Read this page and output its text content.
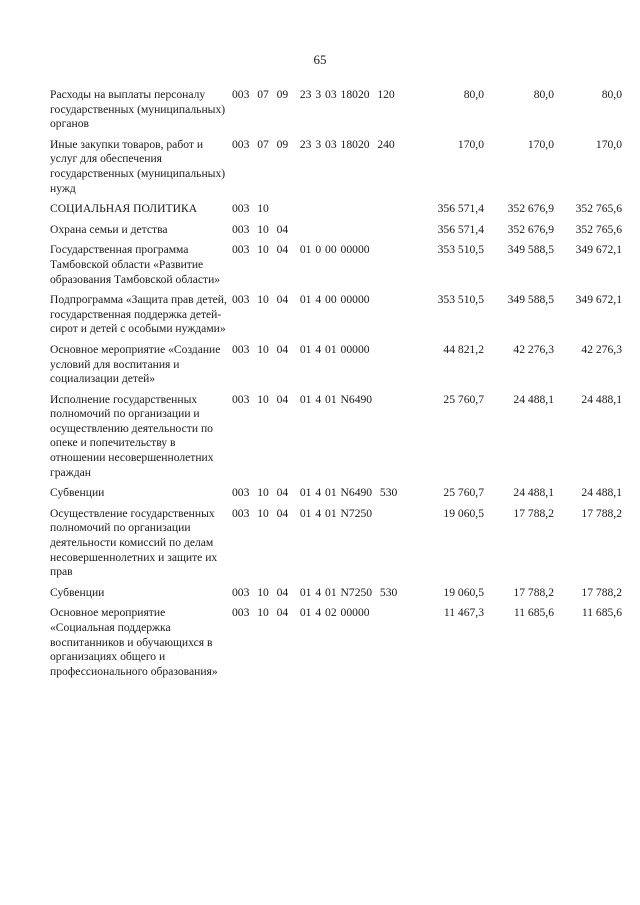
65
Расходы на выплаты персоналу государственных (муниципальных) органов	003  07  09   23 3 03 18020  120	80,0	80,0	80,0
Иные закупки товаров, работ и услуг для обеспечения государственных (муниципальных) нужд	003  07  09   23 3 03 18020  240	170,0	170,0	170,0
СОЦИАЛЬНАЯ ПОЛИТИКА	003  10	356 571,4	352 676,9	352 765,6
Охрана семьи и детства	003  10  04	356 571,4	352 676,9	352 765,6
Государственная программа Тамбовской области «Развитие образования Тамбовской области»	003  10  04   01 0 00 00000	353 510,5	349 588,5	349 672,1
Подпрограмма «Защита прав детей, государственная поддержка детей-сирот и детей с особыми нуждами»	003  10  04   01 4 00 00000	353 510,5	349 588,5	349 672,1
Основное мероприятие «Создание условий для воспитания и социализации детей»	003  10  04   01 4 01 00000	44 821,2	42 276,3	42 276,3
Исполнение государственных полномочий по организации и осуществлению деятельности по опеке и попечительству в отношении несовершеннолетних граждан	003  10  04   01 4 01 N6490	25 760,7	24 488,1	24 488,1
Субвенции	003  10  04   01 4 01 N6490  530	25 760,7	24 488,1	24 488,1
Осуществление государственных полномочий по организации деятельности комиссий по делам несовершеннолетних и защите их прав	003  10  04   01 4 01 N7250	19 060,5	17 788,2	17 788,2
Субвенции	003  10  04   01 4 01 N7250  530	19 060,5	17 788,2	17 788,2
Основное мероприятие «Социальная поддержка воспитанников и обучающихся в организациях общего и профессионального образования»	003  10  04   01 4 02 00000	11 467,3	11 685,6	11 685,6
